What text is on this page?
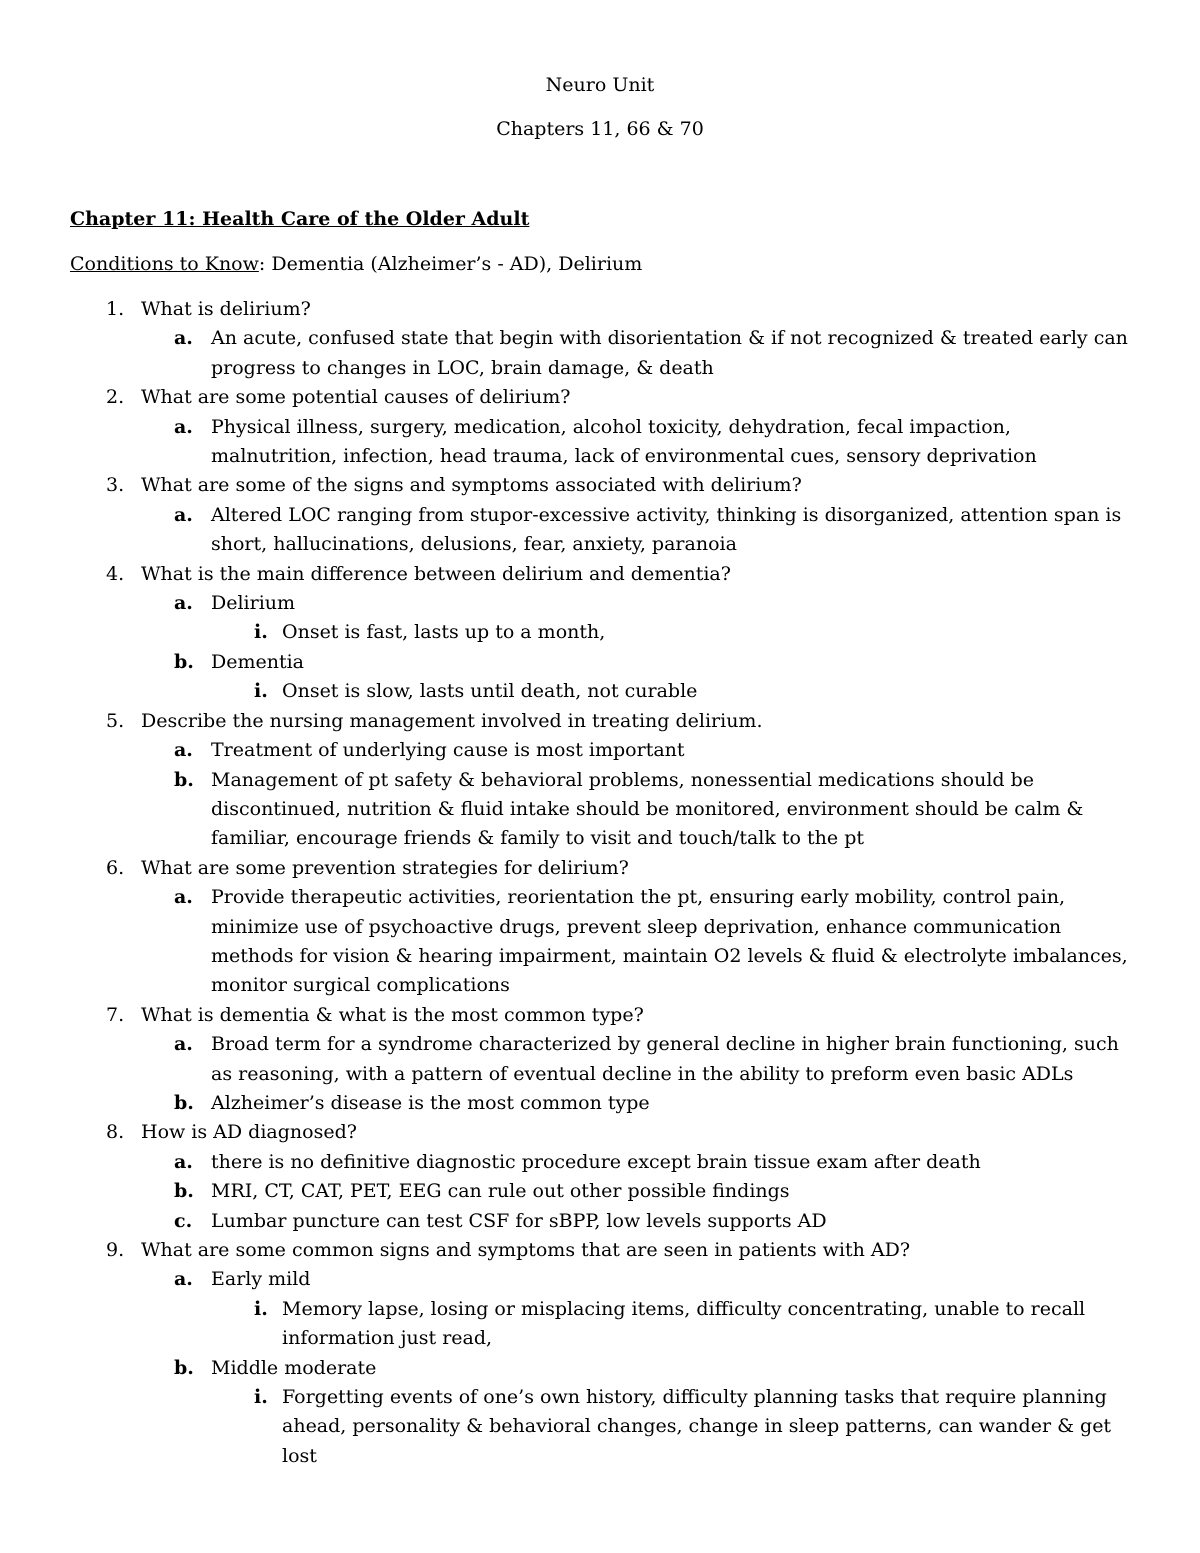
Neuro Unit
Chapters 11, 66 & 70
Chapter 11: Health Care of the Older Adult
Conditions to Know: Dementia (Alzheimer’s - AD), Delirium
1. What is delirium?
a. An acute, confused state that begin with disorientation & if not recognized & treated early can progress to changes in LOC, brain damage, & death
2. What are some potential causes of delirium?
a. Physical illness, surgery, medication, alcohol toxicity, dehydration, fecal impaction, malnutrition, infection, head trauma, lack of environmental cues, sensory deprivation
3. What are some of the signs and symptoms associated with delirium?
a. Altered LOC ranging from stupor-excessive activity, thinking is disorganized, attention span is short, hallucinations, delusions, fear, anxiety, paranoia
4. What is the main difference between delirium and dementia?
a. Delirium
i. Onset is fast, lasts up to a month,
b. Dementia
i. Onset is slow, lasts until death, not curable
5. Describe the nursing management involved in treating delirium.
a. Treatment of underlying cause is most important
b. Management of pt safety & behavioral problems, nonessential medications should be discontinued, nutrition & fluid intake should be monitored, environment should be calm & familiar, encourage friends & family to visit and touch/talk to the pt
6. What are some prevention strategies for delirium?
a. Provide therapeutic activities, reorientation the pt, ensuring early mobility, control pain, minimize use of psychoactive drugs, prevent sleep deprivation, enhance communication methods for vision & hearing impairment, maintain O2 levels & fluid & electrolyte imbalances, monitor surgical complications
7. What is dementia & what is the most common type?
a. Broad term for a syndrome characterized by general decline in higher brain functioning, such as reasoning, with a pattern of eventual decline in the ability to preform even basic ADLs
b. Alzheimer’s disease is the most common type
8. How is AD diagnosed?
a. there is no definitive diagnostic procedure except brain tissue exam after death
b. MRI, CT, CAT, PET, EEG can rule out other possible findings
c. Lumbar puncture can test CSF for sBPP, low levels supports AD
9. What are some common signs and symptoms that are seen in patients with AD?
a. Early mild
i. Memory lapse, losing or misplacing items, difficulty concentrating, unable to recall information just read,
b. Middle moderate
i. Forgetting events of one’s own history, difficulty planning tasks that require planning ahead, personality & behavioral changes, change in sleep patterns, can wander & get lost
